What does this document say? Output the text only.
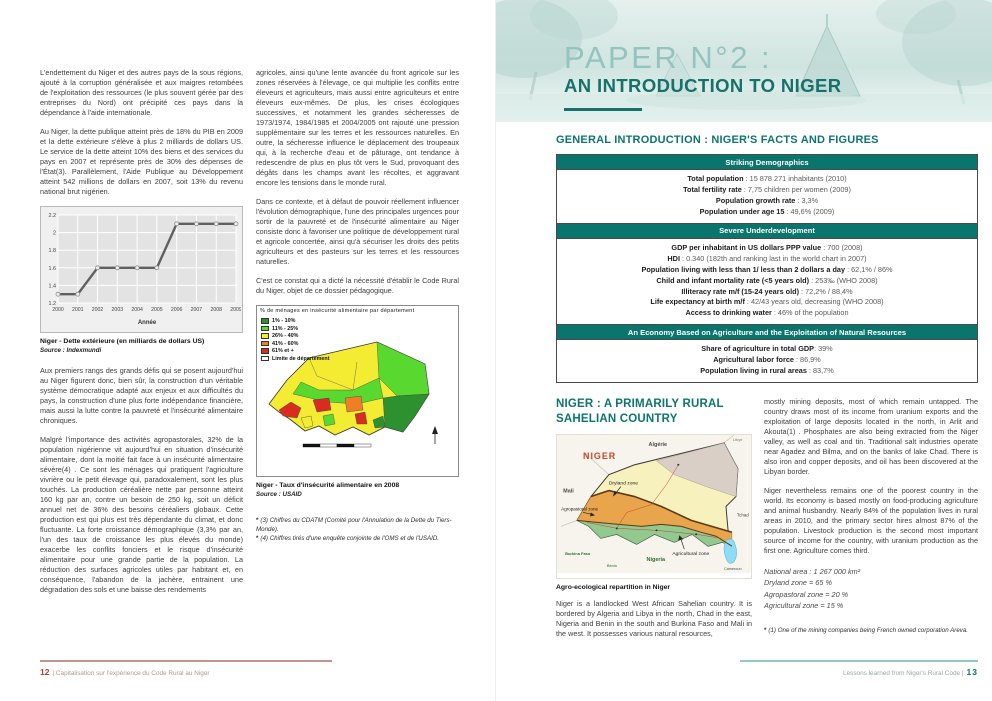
L'endettement du Niger et des autres pays de la sous régions, ajouté à la corruption généralisée et aux maigres retombées de l'exploitation des ressources (le plus souvent gérée par des entreprises du Nord) ont précipité ces pays dans la dépendance à l'aide internationale.

Au Niger, la dette publique atteint près de 18% du PIB en 2009 et la dette extérieure s'élève à plus 2 milliards de dollars US. Le service de la dette atteint 10% des biens et des services du pays en 2007 et représente près de 30% des dépenses de l'État(3). Parallèlement, l'Aide Publique au Développement atteint 542 millions de dollars en 2007, soit 13% du revenu national brut nigérien.

1.2
1.4
1.6
1.8
2
2.2
2000 2001 2002 2003 2004 2005 2006 2007 2008 2009
Année
Niger - Dette extérieure (en milliards de dollars US)
Source : Indexmundi

Aux premiers rangs des grands défis qui se posent aujourd'hui au Niger figurent donc, bien sûr, la construction d'un véritable système démocratique adapté aux enjeux et aux difficultés du pays, la construction d'une plus forte indépendance financière, mais aussi la lutte contre la pauvreté et l'insécurité alimentaire chroniques.

Malgré l'importance des activités agropastorales, 32% de la population nigérienne vit aujourd'hui en situation d'insécurité alimentaire, dont la moitié fait face à un insécurité alimentaire sévère(4) . Ce sont les ménages qui pratiquent l'agriculture vivrière ou le petit élevage qui, paradoxalement, sont les plus touchés. La production céréalière nette par personne atteint 160 kg par an, contre un besoin de 250 kg, soit un déficit annuel net de 36% des besoins céréaliers globaux. Cette production est qui plus est très dépendante du climat, et donc fluctuante. La forte croissance démographique (3,3% par an, l'un des taux de croissance les plus élevés du monde) exacerbe les conflits fonciers et le risque d'insécurité alimentaire pour une grande partie de la population. La réduction des surfaces agricoles utiles par habitant et, en conséquence, l'abandon de la jachère, entrainent une dégradation des sols et une baisse des rendements

agricoles, ainsi qu'une lente avancée du front agricole sur les zones réservées à l'élevage, ce qui multiplie les conflits entre éleveurs et agriculteurs, mais aussi entre agriculteurs et entre éleveurs eux-mêmes. De plus, les crises écologiques successives, et notamment les grandes sécheresses de 1973/1974, 1984/1985 et 2004/2005 ont rajouté une pression supplémentaire sur les terres et les ressources naturelles. En outre, la sécheresse influence le déplacement des troupeaux qui, à la recherche d'eau et de pâturage, ont tendance à redescendre de plus en plus tôt vers le Sud, provoquant des dégâts dans les champs avant les récoltes, et aggravant encore les tensions dans le monde rural.

Dans ce contexte, et à défaut de pouvoir réellement influencer l'évolution démographique, l'une des principales urgences pour sortir de la pauvreté et de l'insécurité alimentaire au Niger consiste donc à favoriser une politique de développement rural et agricole concertée, ainsi qu'à sécuriser les droits des petits agriculteurs et des pasteurs sur les terres et les ressources naturelles.

C'est ce constat qui a dicté la nécessité d'établir le Code Rural du Niger, objet de ce dossier pédagogique.

% de ménages en insécurité alimentaire par département
1% - 10%
11% - 25%
26% - 40%
41% - 60%
61% et +
Limite de département
Niger - Taux d'insécurité alimentaire en 2008
Source : USAID
* (3) Chiffres du CDATM (Comité pour l'Annulation de la Dette du Tiers-Monde).
* (4) Chiffres tirés d'une enquête conjointe de l'OMS et de l'USAID.
12 | Capitalisation sur l'expérience du Code Rural au Niger
PAPER N°2 :
AN INTRODUCTION TO NIGER
GENERAL INTRODUCTION : NIGER'S FACTS AND FIGURES
Striking Demographics
Total population : 15 878 271 inhabitants (2010)
Total fertility rate : 7,75 children per women (2009)
Population growth rate : 3,3%
Population under age 15 : 49,6% (2009)
Severe Underdevelopment
GDP per inhabitant in US dollars PPP value : 700 (2008)
HDI : 0.340 (182th and ranking last in the world chart in 2007)
Population living with less than 1/ less than 2 dollars a day : 62,1% / 86%
Child and infant mortality rate (<5 years old) : 253‰ (WHO 2008)
Illiteracy rate m/f (15-24 years old) : 72,2% / 88,4%
Life expectancy at birth m/f : 42/43 years old, decreasing (WHO 2008)
Access to drinking water : 46% of the population
An Economy Based on Agriculture and the Exploitation of Natural Resources
Share of agriculture in total GDP: 39%
Agricultural labor force : 86,9%
Population living in rural areas : 83,7%
NIGER : A PRIMARILY RURAL SAHELIAN COUNTRY
NIGER
Algérie
Libye
Mali
Tchad
Nigeria
Burkina Faso
Bénin
Cameroun
Dryland zone
Agropastoral zone
Agricultural zone
Agro-ecological repartition in Niger

Niger is a landlocked West African Sahelian country. It is bordered by Algeria and Libya in the north, Chad in the east, Nigeria and Benin in the south and Burkina Faso and Mali in the west. It possesses various natural resources,

mostly mining deposits, most of which remain untapped. The country draws most of its income from uranium exports and the exploitation of large deposits located in the north, in Arlit and Akouta(1) . Phosphates are also being extracted from the Niger valley, as well as coal and tin. Traditional salt industries operate near Agadez and Bilma, and on the banks of lake Chad. There is also iron and copper deposits, and oil has been discovered at the Libyan border.

Niger nevertheless remains one of the poorest country in the world. Its economy is based mostly on food-producing agriculture and animal husbandry. Nearly 84% of the population lives in rural areas in 2010, and the primary sector hires almost 87% of the population. Livestock production is the second most important source of income for the country, with uranium production as the first one. Agriculture comes third.

National area : 1 267 000 km²
Dryland zone = 65 %
Agropastoral zone = 20 %
Agricultural zone = 15 %
* (1) One of the mining companies being French owned corporation Areva.
Lessons learned from Niger's Rural Code | 13
